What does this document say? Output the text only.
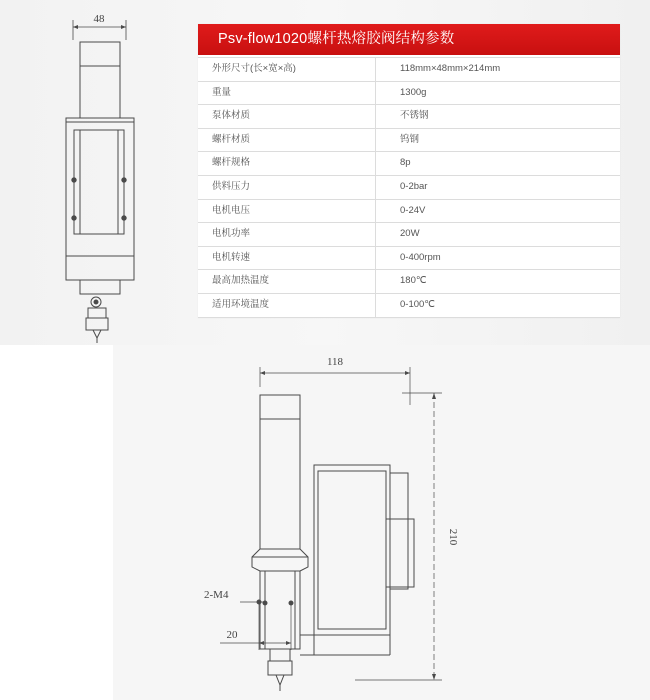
48
118
210
2-M4
20
Psv-flow1020螺杆热熔胶阀结构参数
外形尺寸(长×宽×高)	118mm×48mm×214mm
重量	1300g
泵体材质	不锈钢
螺杆材质	钨钢
螺杆规格	8p
供料压力	0-2bar
电机电压	0-24V
电机功率	20W
电机转速	0-400rpm
最高加热温度	180℃
适用环境温度	0-100℃
